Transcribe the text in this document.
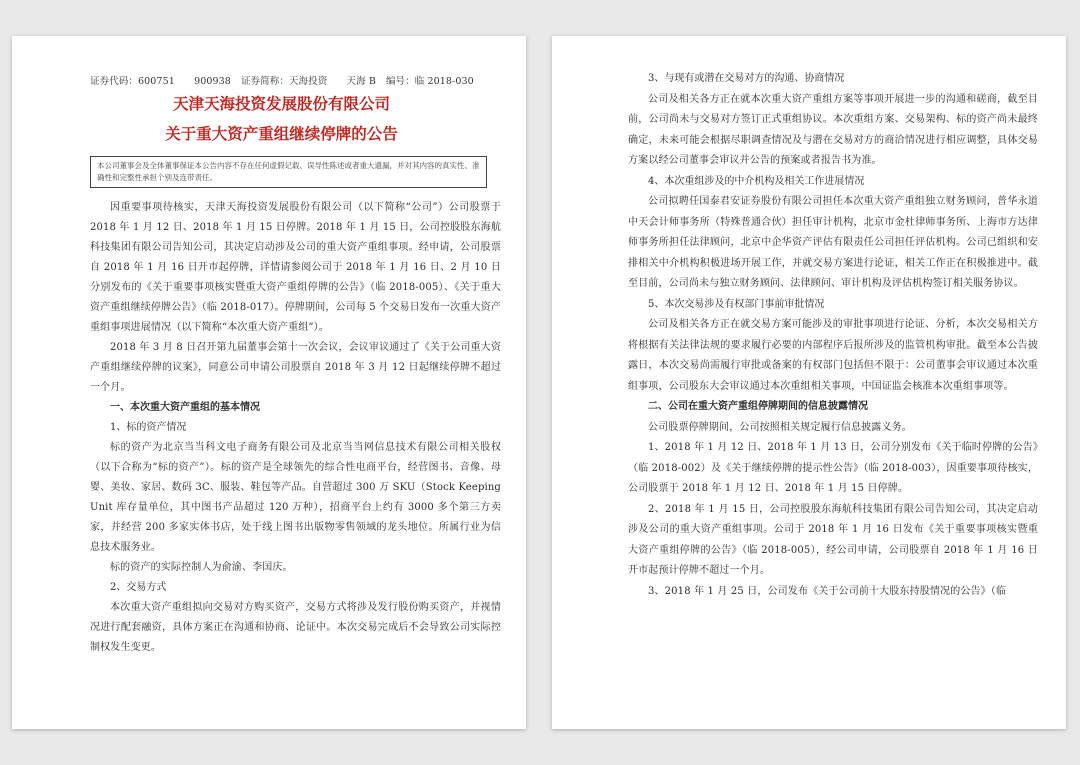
证券代码：600751　　900938 证券简称：天海投资　　天海 B 编号：临 2018-030
天津天海投资发展股份有限公司
关于重大资产重组继续停牌的公告
本公司董事会及全体董事保证本公告内容不存在任何虚假记载、误导性陈述或者重大遗漏，并对其内容的真实性、准确性和完整性承担个别及连带责任。

因重要事项待核实，天津天海投资发展股份有限公司（以下简称“公司”）公司股票于 2018 年 1 月 12 日、2018 年 1 月 15 日停牌。2018 年 1 月 15 日，公司控股股东海航科技集团有限公司告知公司，其决定启动涉及公司的重大资产重组事项。经申请，公司股票自 2018 年 1 月 16 日开市起停牌，详情请参阅公司于 2018 年 1 月 16 日、2 月 10 日分别发布的《关于重要事项核实暨重大资产重组停牌的公告》（临 2018-005）、《关于重大资产重组继续停牌公告》（临 2018-017）。停牌期间，公司每 5 个交易日发布一次重大资产重组事项进展情况（以下简称“本次重大资产重组”）。

2018 年 3 月 8 日召开第九届董事会第十一次会议，会议审议通过了《关于公司重大资产重组继续停牌的议案》，同意公司申请公司股票自 2018 年 3 月 12 日起继续停牌不超过一个月。

一、本次重大资产重组的基本情况

1、标的资产情况

标的资产为北京当当科文电子商务有限公司及北京当当网信息技术有限公司相关股权（以下合称为“标的资产”）。标的资产是全球领先的综合性电商平台，经营图书、音像、母婴、美妆、家居、数码 3C、服装、鞋包等产品。自营超过 300 万 SKU（Stock Keeping Unit 库存量单位，其中图书产品超过 120 万种），招商平台上约有 3000 多个第三方卖家，并经营 200 多家实体书店，处于线上图书出版物零售领域的龙头地位。所属行业为信息技术服务业。

标的资产的实际控制人为俞渝、李国庆。

2、交易方式

本次重大资产重组拟向交易对方购买资产，交易方式将涉及发行股份购买资产，并视情况进行配套融资，具体方案正在沟通和协商、论证中。本次交易完成后不会导致公司实际控制权发生变更。

3、与现有或潜在交易对方的沟通、协商情况

公司及相关各方正在就本次重大资产重组方案等事项开展进一步的沟通和磋商，截至目前，公司尚未与交易对方签订正式重组协议。本次重组方案、交易架构、标的资产尚未最终确定，未来可能会根据尽职调查情况及与潜在交易对方的商洽情况进行相应调整，具体交易方案以经公司董事会审议并公告的预案或者报告书为准。

4、本次重组涉及的中介机构及相关工作进展情况

公司拟聘任国泰君安证券股份有限公司担任本次重大资产重组独立财务顾问，普华永道中天会计师事务所（特殊普通合伙）担任审计机构，北京市金杜律师事务所、上海市方达律师事务所担任法律顾问，北京中企华资产评估有限责任公司担任评估机构。公司已组织和安排相关中介机构积极进场开展工作，并就交易方案进行论证，相关工作正在积极推进中。截至目前，公司尚未与独立财务顾问、法律顾问、审计机构及评估机构签订相关服务协议。

5、本次交易涉及有权部门事前审批情况

公司及相关各方正在就交易方案可能涉及的审批事项进行论证、分析，本次交易相关方将根据有关法律法规的要求履行必要的内部程序后报所涉及的监管机构审批。截至本公告披露日，本次交易尚需履行审批或备案的有权部门包括但不限于：公司董事会审议通过本次重组事项，公司股东大会审议通过本次重组相关事项，中国证监会核准本次重组事项等。

二、公司在重大资产重组停牌期间的信息披露情况

公司股票停牌期间，公司按照相关规定履行信息披露义务。

1、2018 年 1 月 12 日、2018 年 1 月 13 日，公司分别发布《关于临时停牌的公告》（临 2018-002）及《关于继续停牌的提示性公告》（临 2018-003），因重要事项待核实，公司股票于 2018 年 1 月 12 日、2018 年 1 月 15 日停牌。

2、2018 年 1 月 15 日，公司控股股东海航科技集团有限公司告知公司，其决定启动涉及公司的重大资产重组事项。公司于 2018 年 1 月 16 日发布《关于重要事项核实暨重大资产重组停牌的公告》（临 2018-005），经公司申请，公司股票自 2018 年 1 月 16 日开市起预计停牌不超过一个月。

3、2018 年 1 月 25 日，公司发布《关于公司前十大股东持股情况的公告》（临
